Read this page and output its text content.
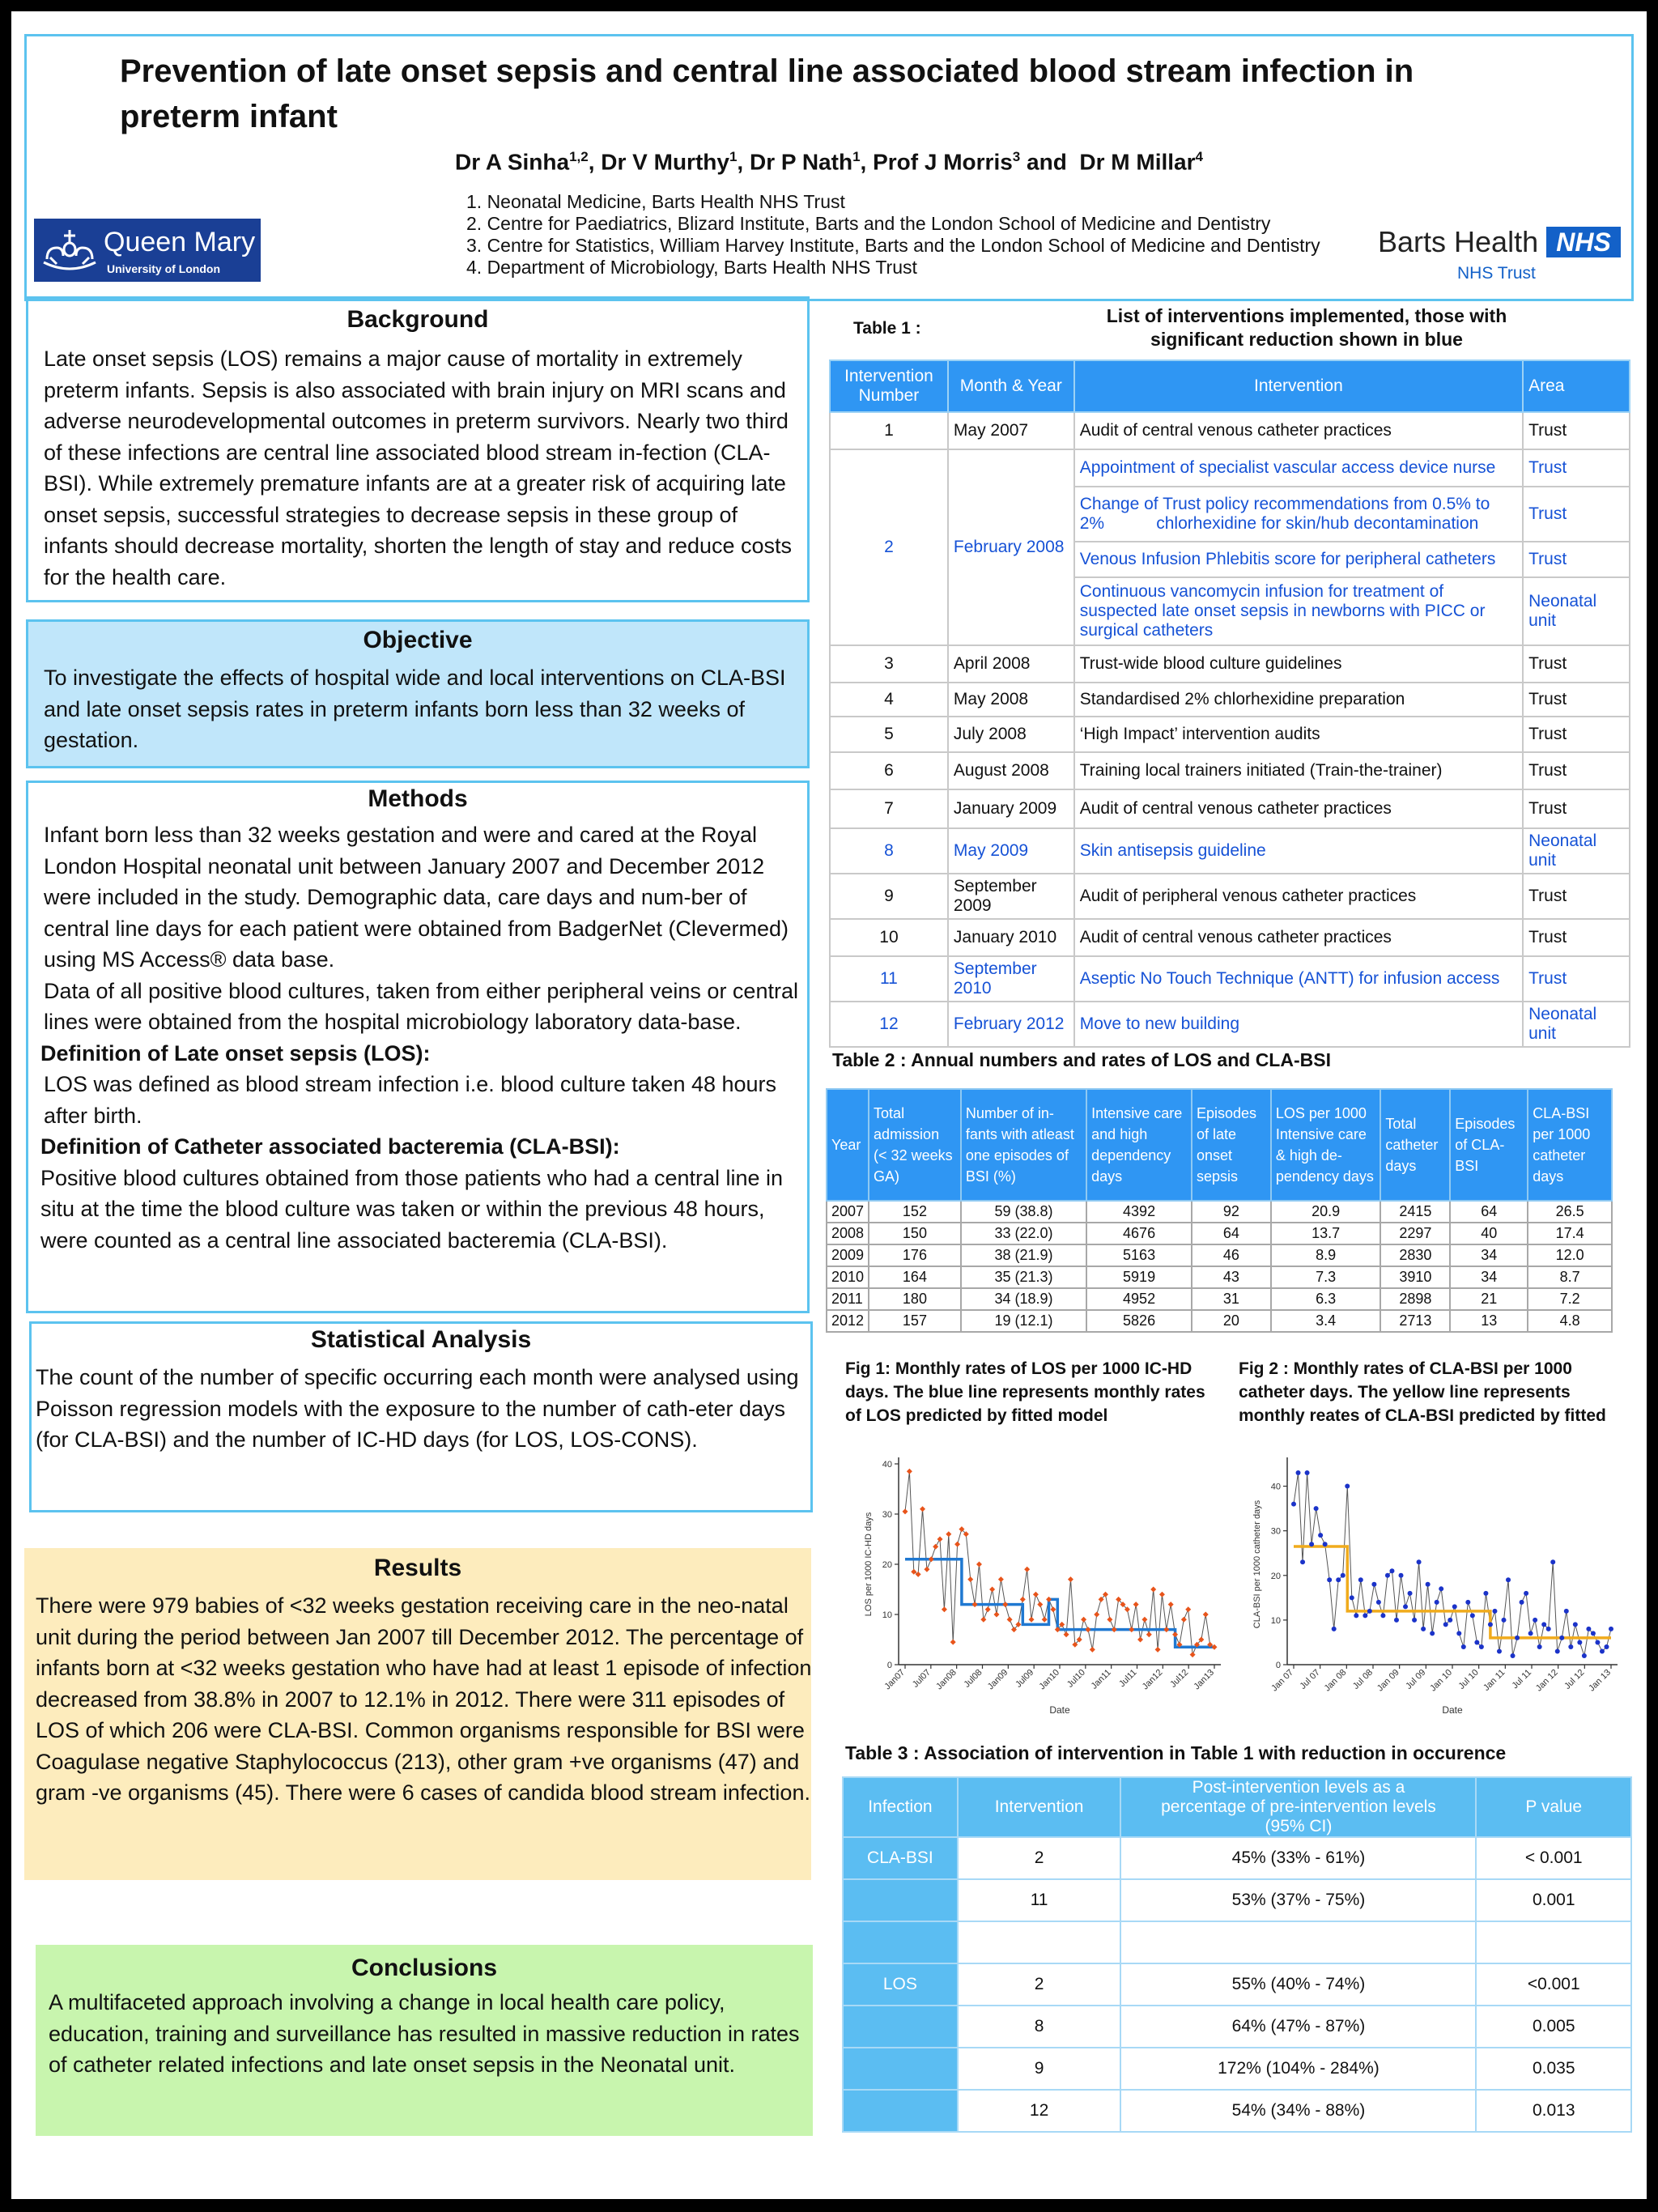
Prevention of late onset sepsis and central line associated blood stream infection in preterm infant
Dr A Sinha$^{1,2}$, Dr V Murthy$^1$, Dr P Nath$^1$, Prof J Morris$^3$ and  Dr M Millar$^4$
1. Neonatal Medicine, Barts Health NHS Trust
2. Centre for Paediatrics, Blizard Institute, Barts and the London School of Medicine and Dentistry
3. Centre for Statistics, William Harvey Institute, Barts and the London School of Medicine and Dentistry
4. Department of Microbiology, Barts Health NHS Trust
Queen Mary
University of London
Barts Health NHS
NHS Trust
Background

Late onset sepsis (LOS) remains a major cause of mortality in extremely preterm infants. Sepsis is also associated with brain injury on MRI scans and adverse neurodevelopmental outcomes in preterm survivors. Nearly two third of these infections are central line associated blood stream in-fection (CLA-BSI). While extremely premature infants are at a greater risk of acquiring late onset sepsis, successful strategies to decrease sepsis in these group of infants should decrease mortality, shorten the length of stay and reduce costs for the health care.

Objective

To investigate the effects of hospital wide and local interventions on CLA-BSI and late onset sepsis rates in preterm infants born less than 32 weeks of gestation.

Methods

Infant born less than 32 weeks gestation and were and cared at the Royal London Hospital neonatal unit between January 2007 and December 2012 were included in the study. Demographic data, care days and num-ber of central line days for each patient were obtained from BadgerNet (Clevermed) using MS Access® data base.

Data of all positive blood cultures, taken from either peripheral veins or central lines were obtained from the hospital microbiology laboratory data-base.

Definition of Late onset sepsis (LOS):

LOS was defined as blood stream infection i.e. blood culture taken 48 hours after birth.

Definition of Catheter associated bacteremia (CLA-BSI):

Positive blood cultures obtained from those patients who had a central line in situ at the time the blood culture was taken or within the previous 48 hours, were counted as a central line associated bacteremia (CLA-BSI).

Statistical Analysis

The count of the number of specific occurring each month were analysed using Poisson regression models with the exposure to the number of cath-eter days (for CLA-BSI) and the number of IC-HD days (for LOS, LOS-CONS).

Results

There were 979 babies of <32 weeks gestation receiving care in the neo-natal unit during the period between Jan 2007 till December 2012. The percentage of infants born at <32 weeks gestation who have had at least 1 episode of infection decreased from 38.8% in 2007 to 12.1% in 2012. There were 311 episodes of LOS of which 206 were CLA-BSI. Common organisms responsible for BSI were Coagulase negative Staphylococcus (213), other gram +ve organisms (47) and gram -ve organisms (45). There were 6 cases of candida blood stream infection.

Conclusions

A multifaceted approach involving a change in local health care policy, education, training and surveillance has resulted in massive reduction in rates of catheter related infections and late onset sepsis in the Neonatal unit.

Table 1 :
List of interventions implemented, those with significant reduction shown in blue
Intervention Number	Month & Year	Intervention	Area
1	May 2007	Audit of central venous catheter practices	Trust
2	February 2008	Appointment of specialist vascular access device nurse	Trust
		Change of Trust policy recommendations from 0.5% to 2%           chlorhexidine for skin/hub decontamination	Trust
		Venous Infusion Phlebitis score for peripheral catheters	Trust
		Continuous vancomycin infusion for treatment of suspected late onset sepsis in newborns with PICC or surgical catheters	Neonatal unit
3	April 2008	Trust-wide blood culture guidelines	Trust
4	May 2008	Standardised 2% chlorhexidine preparation	Trust
5	July 2008	‘High Impact’ intervention audits	Trust
6	August 2008	Training local trainers initiated (Train-the-trainer)	Trust
7	January 2009	Audit of central venous catheter practices	Trust
8	May 2009	Skin antisepsis guideline	Neonatal unit
9	September 2009	Audit of peripheral venous catheter practices	Trust
10	January 2010	Audit of central venous catheter practices	Trust
11	September 2010	Aseptic No Touch Technique (ANTT) for infusion access	Trust
12	February 2012	Move to new building	Neonatal unit
Table 2 : Annual numbers and rates of LOS and CLA-BSI
Year	Total admission (< 32 weeks GA)	Number of in-fants with atleast one episodes of BSI (%)	Intensive care and high dependency days	Episodes of late onset sepsis	LOS per 1000 Intensive care & high de-pendency days	Total catheter days	Episodes of CLA-BSI	CLA-BSI per 1000 catheter days
2007	152	59 (38.8)	4392	92	20.9	2415	64	26.5
2008	150	33 (22.0)	4676	64	13.7	2297	40	17.4
2009	176	38 (21.9)	5163	46	8.9	2830	34	12.0
2010	164	35 (21.3)	5919	43	7.3	3910	34	8.7
2011	180	34 (18.9)	4952	31	6.3	2898	21	7.2
2012	157	19 (12.1)	5826	20	3.4	2713	13	4.8
Fig 1: Monthly rates of LOS per 1000 IC-HD days. The blue line represents monthly rates of LOS predicted by fitted model
0
10
20
30
40
Jan07 Jul07 Jan08 Jul08 Jan09 Jul09 Jan10 Jul10 Jan11 Jul11 Jan12 Jul12 Jan13
Date
LOS per 1000 IC-HD days
Fig 2 : Monthly rates of CLA-BSI per 1000 catheter days. The yellow line represents monthly reates of CLA-BSI predicted by fitted
0
10
20
30
40
Jan 07 Jul 07 Jan 08 Jul 08 Jan 09 Jul 09 Jan 10 Jul 10 Jan 11 Jul 11 Jan 12 Jul 12 Jan 13
Date
CLA-BSI per 1000 catheter days
Table 3 : Association of intervention in Table 1 with reduction in occurence
Infection	Intervention	Post-intervention levels as a percentage of pre-intervention levels (95% CI)	P value
CLA-BSI	2	45% (33% - 61%)	< 0.001
	11	53% (37% - 75%)	0.001

LOS	2	55% (40% - 74%)	<0.001
	8	64% (47% - 87%)	0.005
	9	172% (104% - 284%)	0.035
	12	54% (34% - 88%)	0.013
